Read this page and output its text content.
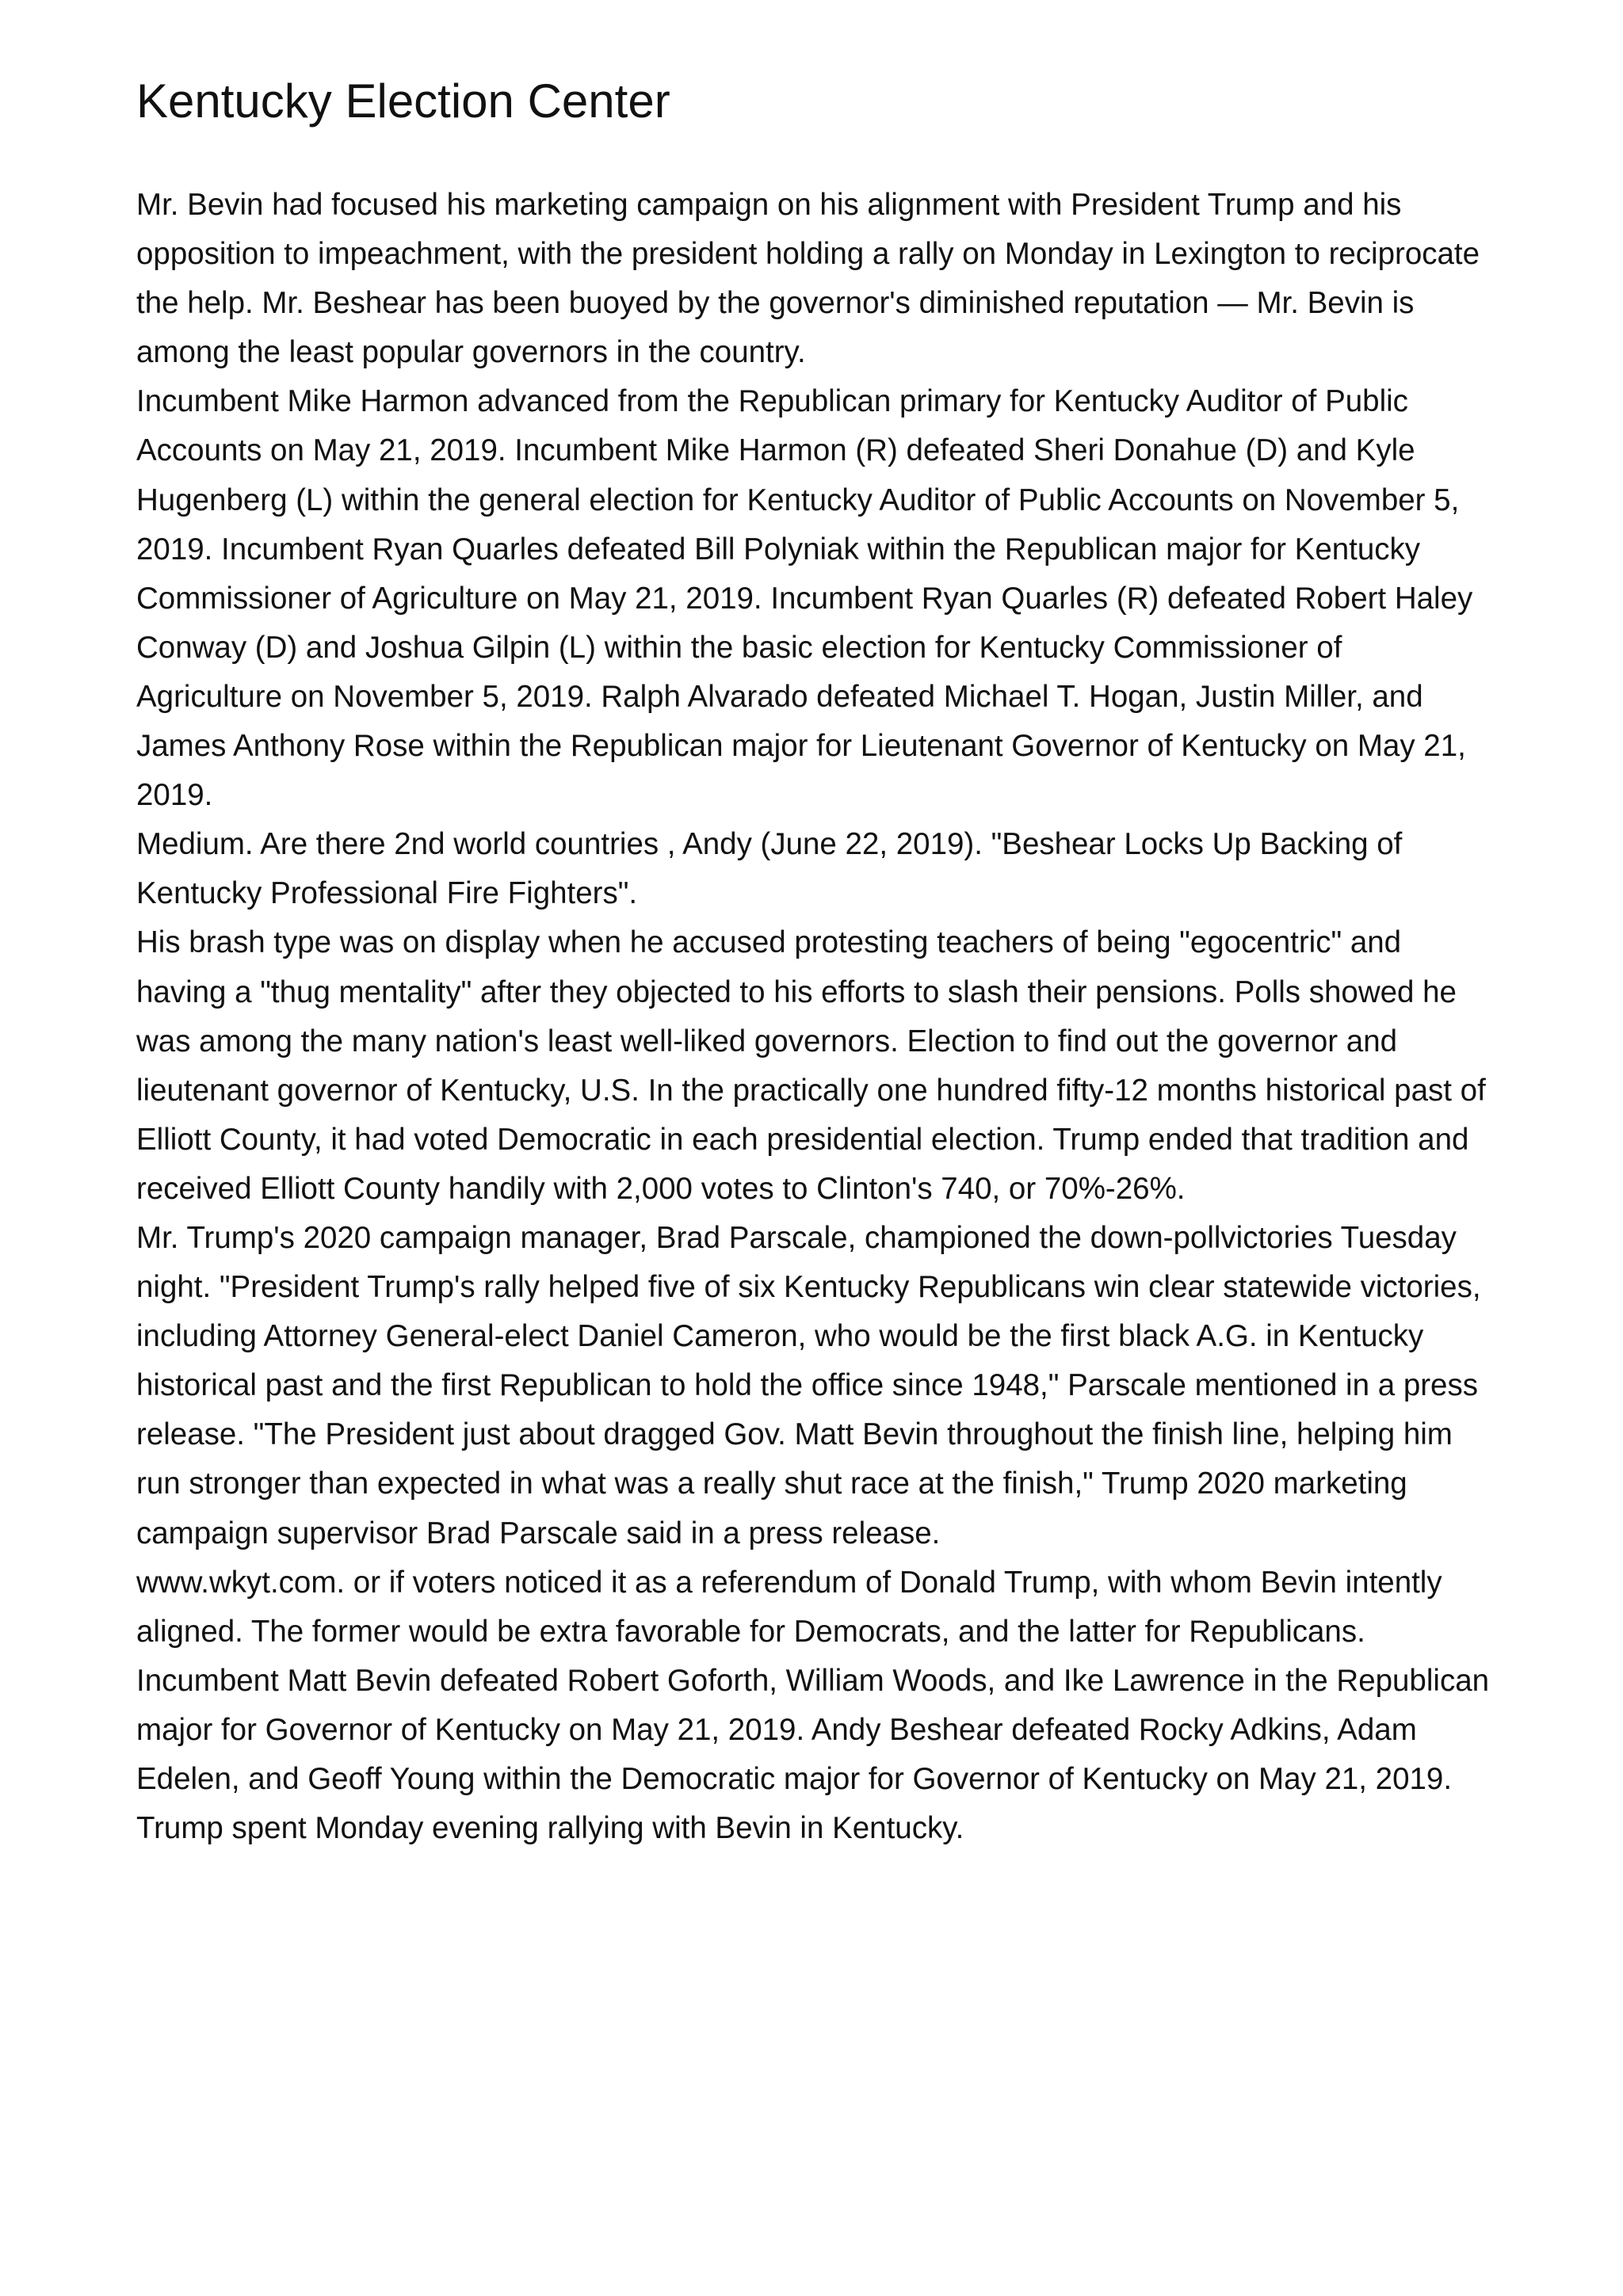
Kentucky Election Center

Mr. Bevin had focused his marketing campaign on his alignment with President Trump and his opposition to impeachment, with the president holding a rally on Monday in Lexington to reciprocate the help. Mr. Beshear has been buoyed by the governor's diminished reputation — Mr. Bevin is among the least popular governors in the country.

Incumbent Mike Harmon advanced from the Republican primary for Kentucky Auditor of Public Accounts on May 21, 2019. Incumbent Mike Harmon (R) defeated Sheri Donahue (D) and Kyle Hugenberg (L) within the general election for Kentucky Auditor of Public Accounts on November 5, 2019. Incumbent Ryan Quarles defeated Bill Polyniak within the Republican major for Kentucky Commissioner of Agriculture on May 21, 2019. Incumbent Ryan Quarles (R) defeated Robert Haley Conway (D) and Joshua Gilpin (L) within the basic election for Kentucky Commissioner of Agriculture on November 5, 2019. Ralph Alvarado defeated Michael T. Hogan, Justin Miller, and James Anthony Rose within the Republican major for Lieutenant Governor of Kentucky on May 21, 2019.

Medium. Are there 2nd world countries , Andy (June 22, 2019). "Beshear Locks Up Backing of Kentucky Professional Fire Fighters".

His brash type was on display when he accused protesting teachers of being "egocentric" and having a "thug mentality" after they objected to his efforts to slash their pensions. Polls showed he was among the many nation's least well-liked governors. Election to find out the governor and lieutenant governor of Kentucky, U.S. In the practically one hundred fifty-12 months historical past of Elliott County, it had voted Democratic in each presidential election. Trump ended that tradition and received Elliott County handily with 2,000 votes to Clinton's 740, or 70%-26%.

Mr. Trump's 2020 campaign manager, Brad Parscale, championed the down-pollvictories Tuesday night. "President Trump's rally helped five of six Kentucky Republicans win clear statewide victories, including Attorney General-elect Daniel Cameron, who would be the first black A.G. in Kentucky historical past and the first Republican to hold the office since 1948," Parscale mentioned in a press release. "The President just about dragged Gov. Matt Bevin throughout the finish line, helping him run stronger than expected in what was a really shut race at the finish," Trump 2020 marketing campaign supervisor Brad Parscale said in a press release.

www.wkyt.com. or if voters noticed it as a referendum of Donald Trump, with whom Bevin intently aligned. The former would be extra favorable for Democrats, and the latter for Republicans.

Incumbent Matt Bevin defeated Robert Goforth, William Woods, and Ike Lawrence in the Republican major for Governor of Kentucky on May 21, 2019. Andy Beshear defeated Rocky Adkins, Adam Edelen, and Geoff Young within the Democratic major for Governor of Kentucky on May 21, 2019. Trump spent Monday evening rallying with Bevin in Kentucky.
